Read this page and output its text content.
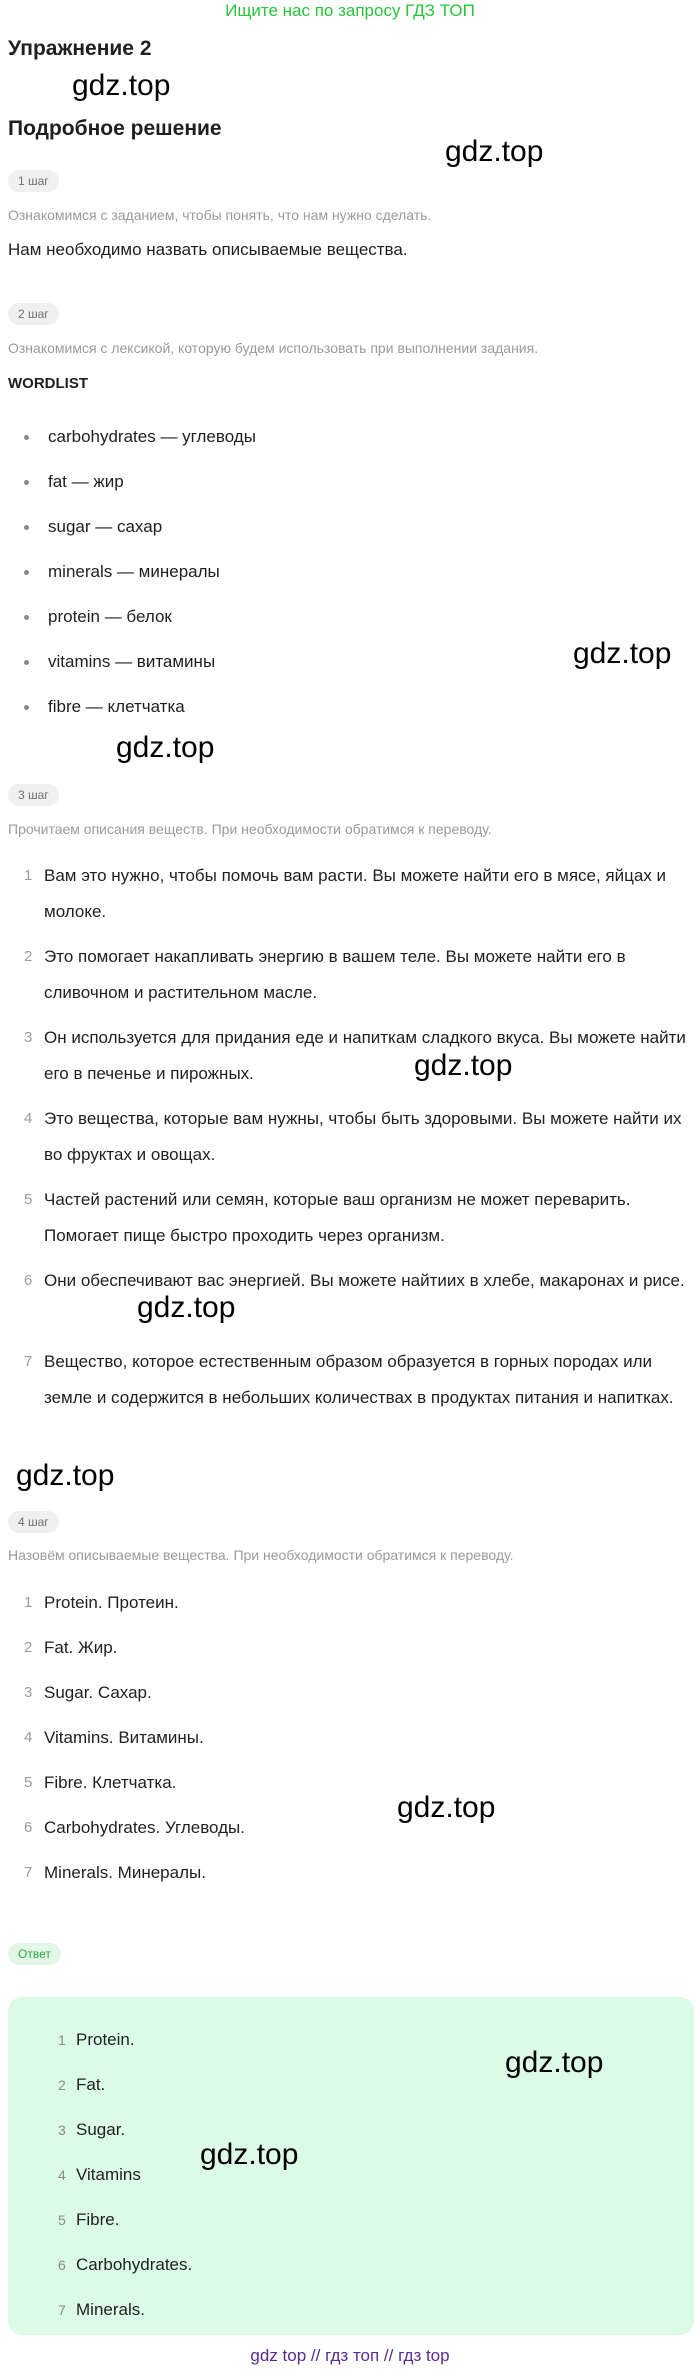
Ищите нас по запросу ГДЗ ТОП
Упражнение 2
gdz.top
Подробное решение
gdz.top
1 шаг
Ознакомимся с заданием, чтобы понять, что нам нужно сделать.
Нам необходимо назвать описываемые вещества.
2 шаг
Ознакомимся с лексикой, которую будем использовать при выполнении задания.
WORDLIST
carbohydrates — углеводы
fat — жир
sugar — сахар
minerals — минералы
protein — белок
vitamins — витамины
fibre — клетчатка
gdz.top
gdz.top
3 шаг
Прочитаем описания веществ. При необходимости обратимся к переводу.
1 Вам это нужно, чтобы помочь вам расти. Вы можете найти его в мясе, яйцах и молоке.
2 Это помогает накапливать энергию в вашем теле. Вы можете найти его в сливочном и растительном масле.
3 Он используется для придания еде и напиткам сладкого вкуса. Вы можете найти его в печенье и пирожных.
4 Это вещества, которые вам нужны, чтобы быть здоровыми. Вы можете найти их во фруктах и овощах.
5 Частей растений или семян, которые ваш организм не может переварить. Помогает пище быстро проходить через организм.
6 Они обеспечивают вас энергией. Вы можете найтиих в хлебе, макаронах и рисе.
7 Вещество, которое естественным образом образуется в горных породах или земле и содержится в небольших количествах в продуктах питания и напитках.
gdz.top
gdz.top
gdz.top
4 шаг
Назовём описываемые вещества. При необходимости обратимся к переводу.
1 Protein. Протеин.
2 Fat. Жир.
3 Sugar. Сахар.
4 Vitamins. Витамины.
5 Fibre. Клетчатка.
6 Carbohydrates. Углеводы.
7 Minerals. Минералы.
gdz.top
Ответ
1 Protein.
2 Fat.
3 Sugar.
4 Vitamins
5 Fibre.
6 Carbohydrates.
7 Minerals.
gdz.top
gdz.top
gdz top // гдз топ // гдз top
